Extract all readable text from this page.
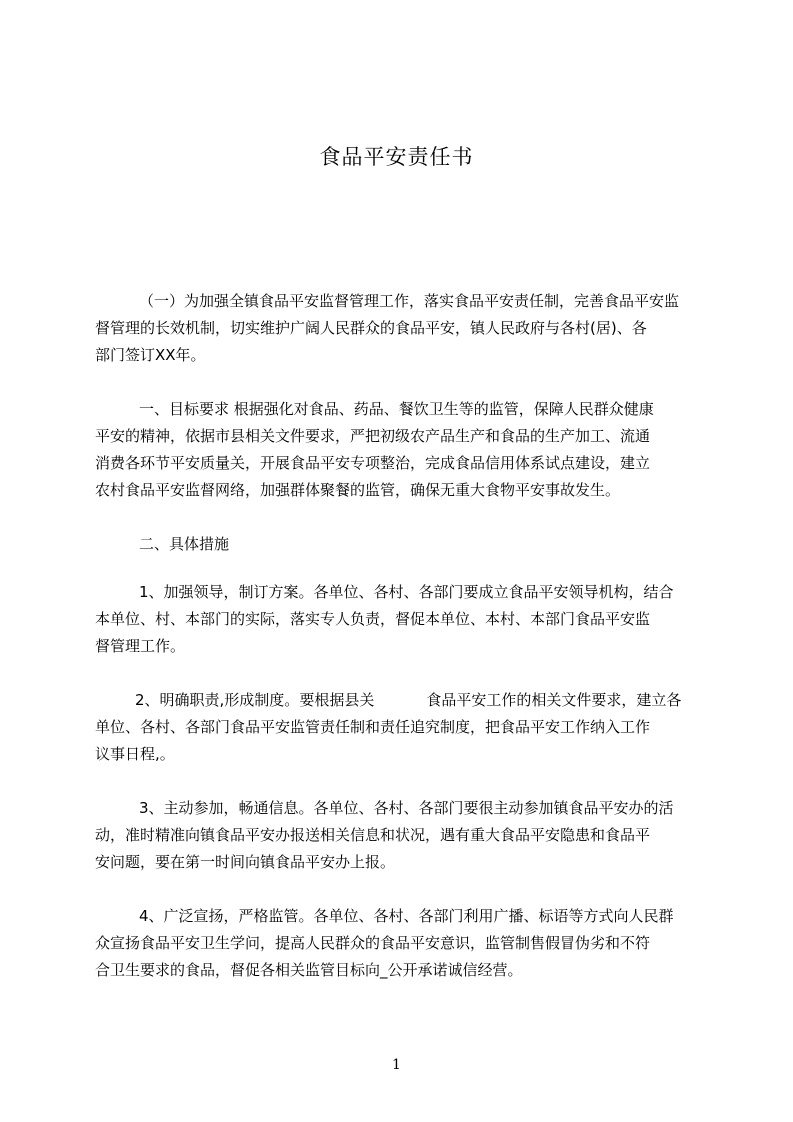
食品平安责任书
（一）为加强全镇食品平安监督管理工作，落实食品平安责任制，完善食品平安监
督管理的长效机制，切实维护广阔人民群众的食品平安，镇人民政府与各村(居)、各
部门签订XX年。
一、目标要求 根据强化对食品、药品、餐饮卫生等的监管，保障人民群众健康
平安的精神，依据市县相关文件要求，严把初级农产品生产和食品的生产加工、流通
消费各环节平安质量关，开展食品平安专项整治，完成食品信用体系试点建设，建立
农村食品平安监督网络，加强群体聚餐的监管，确保无重大食物平安事故发生。
二、具体措施
1、加强领导，制订方案。各单位、各村、各部门要成立食品平安领导机构，结合
本单位、村、本部门的实际，落实专人负责，督促本单位、本村、本部门食品平安监
督管理工作。
2、明确职责,形成制度。要根据县关	食品平安工作的相关文件要求，建立各
单位、各村、各部门食品平安监管责任制和责任追究制度，把食品平安工作纳入工作
议事日程,。
3、主动参加，畅通信息。各单位、各村、各部门要很主动参加镇食品平安办的活
动，准时精准向镇食品平安办报送相关信息和状况，遇有重大食品平安隐患和食品平
安问题，要在第一时间向镇食品平安办上报。
4、广泛宣扬，严格监管。各单位、各村、各部门利用广播、标语等方式向人民群
众宣扬食品平安卫生学问，提高人民群众的食品平安意识，监管制售假冒伪劣和不符
合卫生要求的食品，督促各相关监管目标向_公开承诺诚信经营。
1
